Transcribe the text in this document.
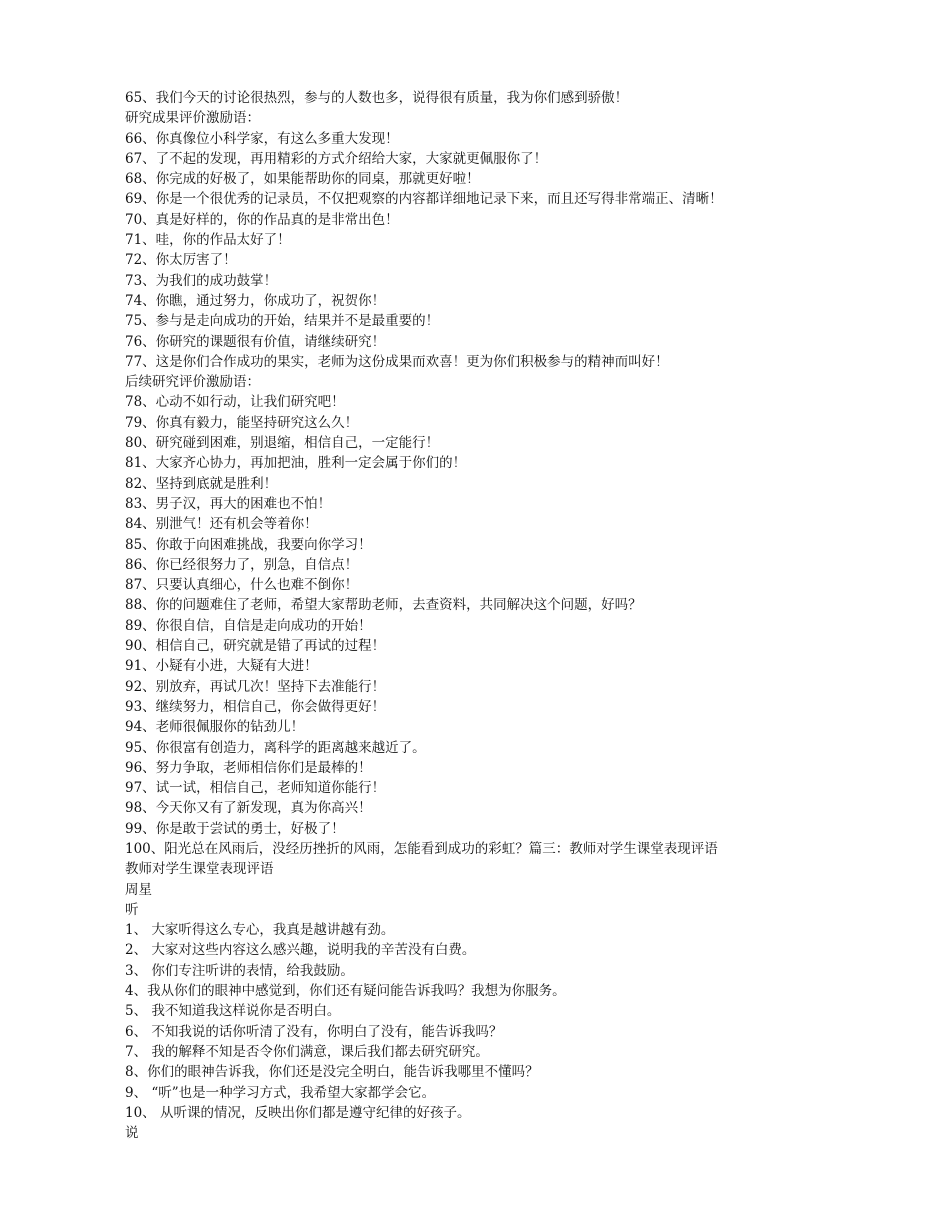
65、我们今天的讨论很热烈，参与的人数也多，说得很有质量，我为你们感到骄傲！
研究成果评价激励语：
66、你真像位小科学家，有这么多重大发现！
67、了不起的发现，再用精彩的方式介绍给大家，大家就更佩服你了！
68、你完成的好极了，如果能帮助你的同桌，那就更好啦！
69、你是一个很优秀的记录员，不仅把观察的内容都详细地记录下来，而且还写得非常端正、清晰！
70、真是好样的，你的作品真的是非常出色！
71、哇，你的作品太好了！
72、你太厉害了！
73、为我们的成功鼓掌！
74、你瞧，通过努力，你成功了，祝贺你！
75、参与是走向成功的开始，结果并不是最重要的！
76、你研究的课题很有价值，请继续研究！
77、这是你们合作成功的果实，老师为这份成果而欢喜！更为你们积极参与的精神而叫好！
后续研究评价激励语：
78、心动不如行动，让我们研究吧！
79、你真有毅力，能坚持研究这么久！
80、研究碰到困难，别退缩，相信自己，一定能行！
81、大家齐心协力，再加把油，胜利一定会属于你们的！
82、坚持到底就是胜利！
83、男子汉，再大的困难也不怕！
84、别泄气！还有机会等着你！
85、你敢于向困难挑战，我要向你学习！
86、你已经很努力了，别急，自信点！
87、只要认真细心，什么也难不倒你！
88、你的问题难住了老师，希望大家帮助老师，去查资料，共同解决这个问题，好吗？
89、你很自信，自信是走向成功的开始！
90、相信自己，研究就是错了再试的过程！
91、小疑有小进，大疑有大进！
92、别放弃，再试几次！坚持下去准能行！
93、继续努力，相信自己，你会做得更好！
94、老师很佩服你的钻劲儿！
95、你很富有创造力，离科学的距离越来越近了。
96、努力争取，老师相信你们是最棒的！
97、试一试，相信自己，老师知道你能行！
98、今天你又有了新发现，真为你高兴！
99、你是敢于尝试的勇士，好极了！
100、阳光总在风雨后，没经历挫折的风雨，怎能看到成功的彩虹？篇三：教师对学生课堂表现评语
教师对学生课堂表现评语
周星
听
1、 大家听得这么专心，我真是越讲越有劲。
2、 大家对这些内容这么感兴趣，说明我的辛苦没有白费。
3、 你们专注听讲的表情，给我鼓励。
4、我从你们的眼神中感觉到，你们还有疑问能告诉我吗？我想为你服务。
5、 我不知道我这样说你是否明白。
6、 不知我说的话你听清了没有，你明白了没有，能告诉我吗？
7、 我的解释不知是否令你们满意，课后我们都去研究研究。
8、你们的眼神告诉我，你们还是没完全明白，能告诉我哪里不懂吗？
9、 “听”也是一种学习方式，我希望大家都学会它。
10、 从听课的情况，反映出你们都是遵守纪律的好孩子。
说
